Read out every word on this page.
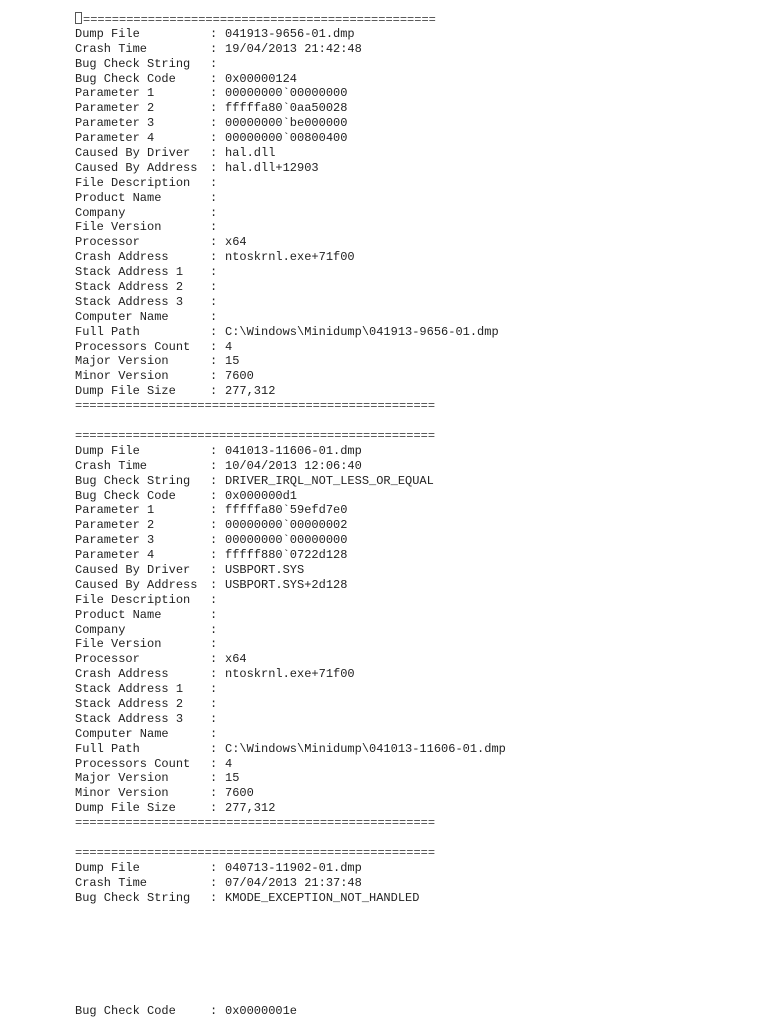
=================================================
Dump File	: 041913-9656-01.dmp
Crash Time	: 19/04/2013 21:42:48
Bug Check String	:
Bug Check Code	: 0x00000124
Parameter 1	: 00000000`00000000
Parameter 2	: fffffa80`0aa50028
Parameter 3	: 00000000`be000000
Parameter 4	: 00000000`00800400
Caused By Driver	: hal.dll
Caused By Address	: hal.dll+12903
File Description	:
Product Name	:
Company	:
File Version	:
Processor	: x64
Crash Address	: ntoskrnl.exe+71f00
Stack Address 1	:
Stack Address 2	:
Stack Address 3	:
Computer Name	:
Full Path	: C:\Windows\Minidump\041913-9656-01.dmp
Processors Count	: 4
Major Version	: 15
Minor Version	: 7600
Dump File Size	: 277,312
==================================================
==================================================
Dump File	: 041013-11606-01.dmp
Crash Time	: 10/04/2013 12:06:40
Bug Check String	: DRIVER_IRQL_NOT_LESS_OR_EQUAL
Bug Check Code	: 0x000000d1
Parameter 1	: fffffa80`59efd7e0
Parameter 2	: 00000000`00000002
Parameter 3	: 00000000`00000000
Parameter 4	: fffff880`0722d128
Caused By Driver	: USBPORT.SYS
Caused By Address	: USBPORT.SYS+2d128
File Description	:
Product Name	:
Company	:
File Version	:
Processor	: x64
Crash Address	: ntoskrnl.exe+71f00
Stack Address 1	:
Stack Address 2	:
Stack Address 3	:
Computer Name	:
Full Path	: C:\Windows\Minidump\041013-11606-01.dmp
Processors Count	: 4
Major Version	: 15
Minor Version	: 7600
Dump File Size	: 277,312
==================================================
==================================================
Dump File	: 040713-11902-01.dmp
Crash Time	: 07/04/2013 21:37:48
Bug Check String	: KMODE_EXCEPTION_NOT_HANDLED
Bug Check Code	: 0x0000001e
